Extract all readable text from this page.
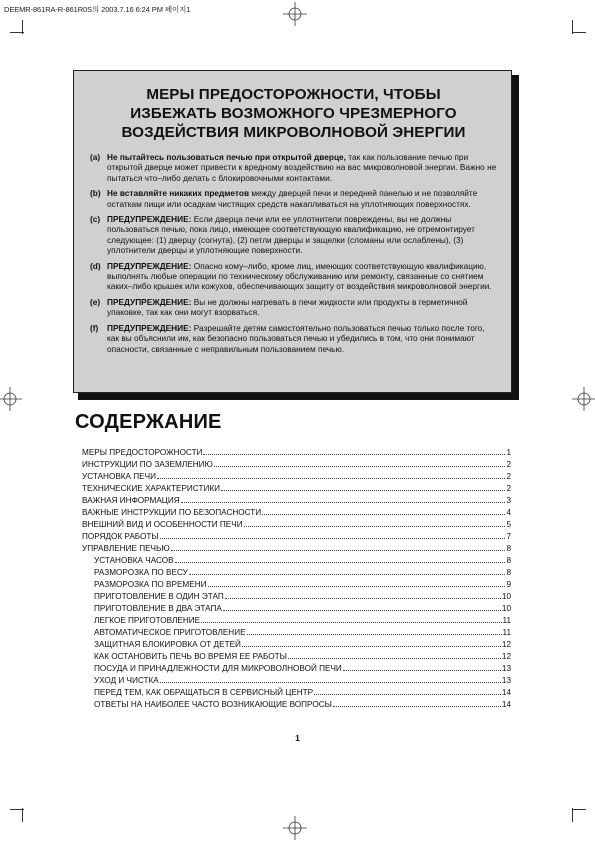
DEEMR-861RA-R-861R0S의 2003.7.16 6:24 PM 페이지1
МЕРЫ ПРЕДОСТОРОЖНОСТИ, ЧТОБЫ
ИЗБЕЖАТЬ ВОЗМОЖНОГО ЧРЕЗМЕРНОГО
ВОЗДЕЙСТВИЯ МИКРОВОЛНОВОЙ ЭНЕРГИИ
(a) Не пытайтесь пользоваться печью при открытой дверце, так как пользование печью при открытой дверце может привести к вредному воздействию на вас микроволновой энергии. Важно не пытаться что–либо делать с блокировочными контактами.
(b) Не вставляйте никаких предметов между дверцей печи и передней панелью и не позволяйте остаткам пищи или осадкам чистящих средств накапливаться на уплотняющих поверхностях.
(c) ПРЕДУПРЕЖДЕНИЕ: Если дверца печи или ее уплотнители повреждены, вы не должны пользоваться печью, пока лицо, имеющее соответствующую квалификацию, не отремонтирует следующее: (1) дверцу (согнута), (2) петли дверцы и защелки (сломаны или ослаблены), (3) уплотнители дверцы и уплотняющие поверхности.
(d) ПРЕДУПРЕЖДЕНИЕ: Опасно кому–либо, кроме лиц, имеющих соответствующую квалификацию, выполнять любые операции по техническому обслуживанию или ремонту, связанные со снятием каких–либо крышек или кожухов, обеспечивающих защиту от воздействия микроволновой энергии.
(e) ПРЕДУПРЕЖДЕНИЕ: Вы не должны нагревать в печи жидкости или продукты в герметичной упаковке, так как они могут взорваться.
(f) ПРЕДУПРЕЖДЕНИЕ: Разрешайте детям самостоятельно пользоваться печью только после того, как вы объяснили им, как безопасно пользоваться печью и убедились в том, что они понимают опасности, связанные с неправильным пользованием печью.
СОДЕРЖАНИЕ
МЕРЫ ПРЕДОСТОРОЖНОСТИ	1
ИНСТРУКЦИИ ПО ЗАЗЕМЛЕНИЮ	2
УСТАНОВКА ПЕЧИ	2
ТЕХНИЧЕСКИЕ ХАРАКТЕРИСТИКИ	2
ВАЖНАЯ ИНФОРМАЦИЯ	3
ВАЖНЫЕ ИНСТРУКЦИИ ПО БЕЗОПАСНОСТИ	4
ВНЕШНИЙ ВИД И ОСОБЕННОСТИ ПЕЧИ	5
ПОРЯДОК РАБОТЫ	7
УПРАВЛЕНИЕ ПЕЧЬЮ	8
УСТАНОВКА ЧАСОВ	8
РАЗМОРОЗКА ПО ВЕСУ	8
РАЗМОРОЗКА ПО ВРЕМЕНИ	9
ПРИГОТОВЛЕНИЕ В ОДИН ЭТАП	10
ПРИГОТОВЛЕНИЕ В ДВА ЭТАПА	10
ЛЕГКОЕ ПРИГОТОВЛЕНИЕ	11
АВТОМАТИЧЕСКОЕ ПРИГОТОВЛЕНИЕ	11
ЗАЩИТНАЯ БЛОКИРОВКА ОТ ДЕТЕЙ	12
КАК ОСТАНОВИТЬ ПЕЧЬ ВО ВРЕМЯ ЕЕ РАБОТЫ	12
ПОСУДА И ПРИНАДЛЕЖНОСТИ ДЛЯ МИКРОВОЛНОВОЙ ПЕЧИ	13
УХОД И ЧИСТКА	13
ПЕРЕД ТЕМ, КАК ОБРАЩАТЬСЯ В СЕРВИСНЫЙ ЦЕНТР	14
ОТВЕТЫ НА НАИБОЛЕЕ ЧАСТО ВОЗНИКАЮЩИЕ ВОПРОСЫ	14
1
